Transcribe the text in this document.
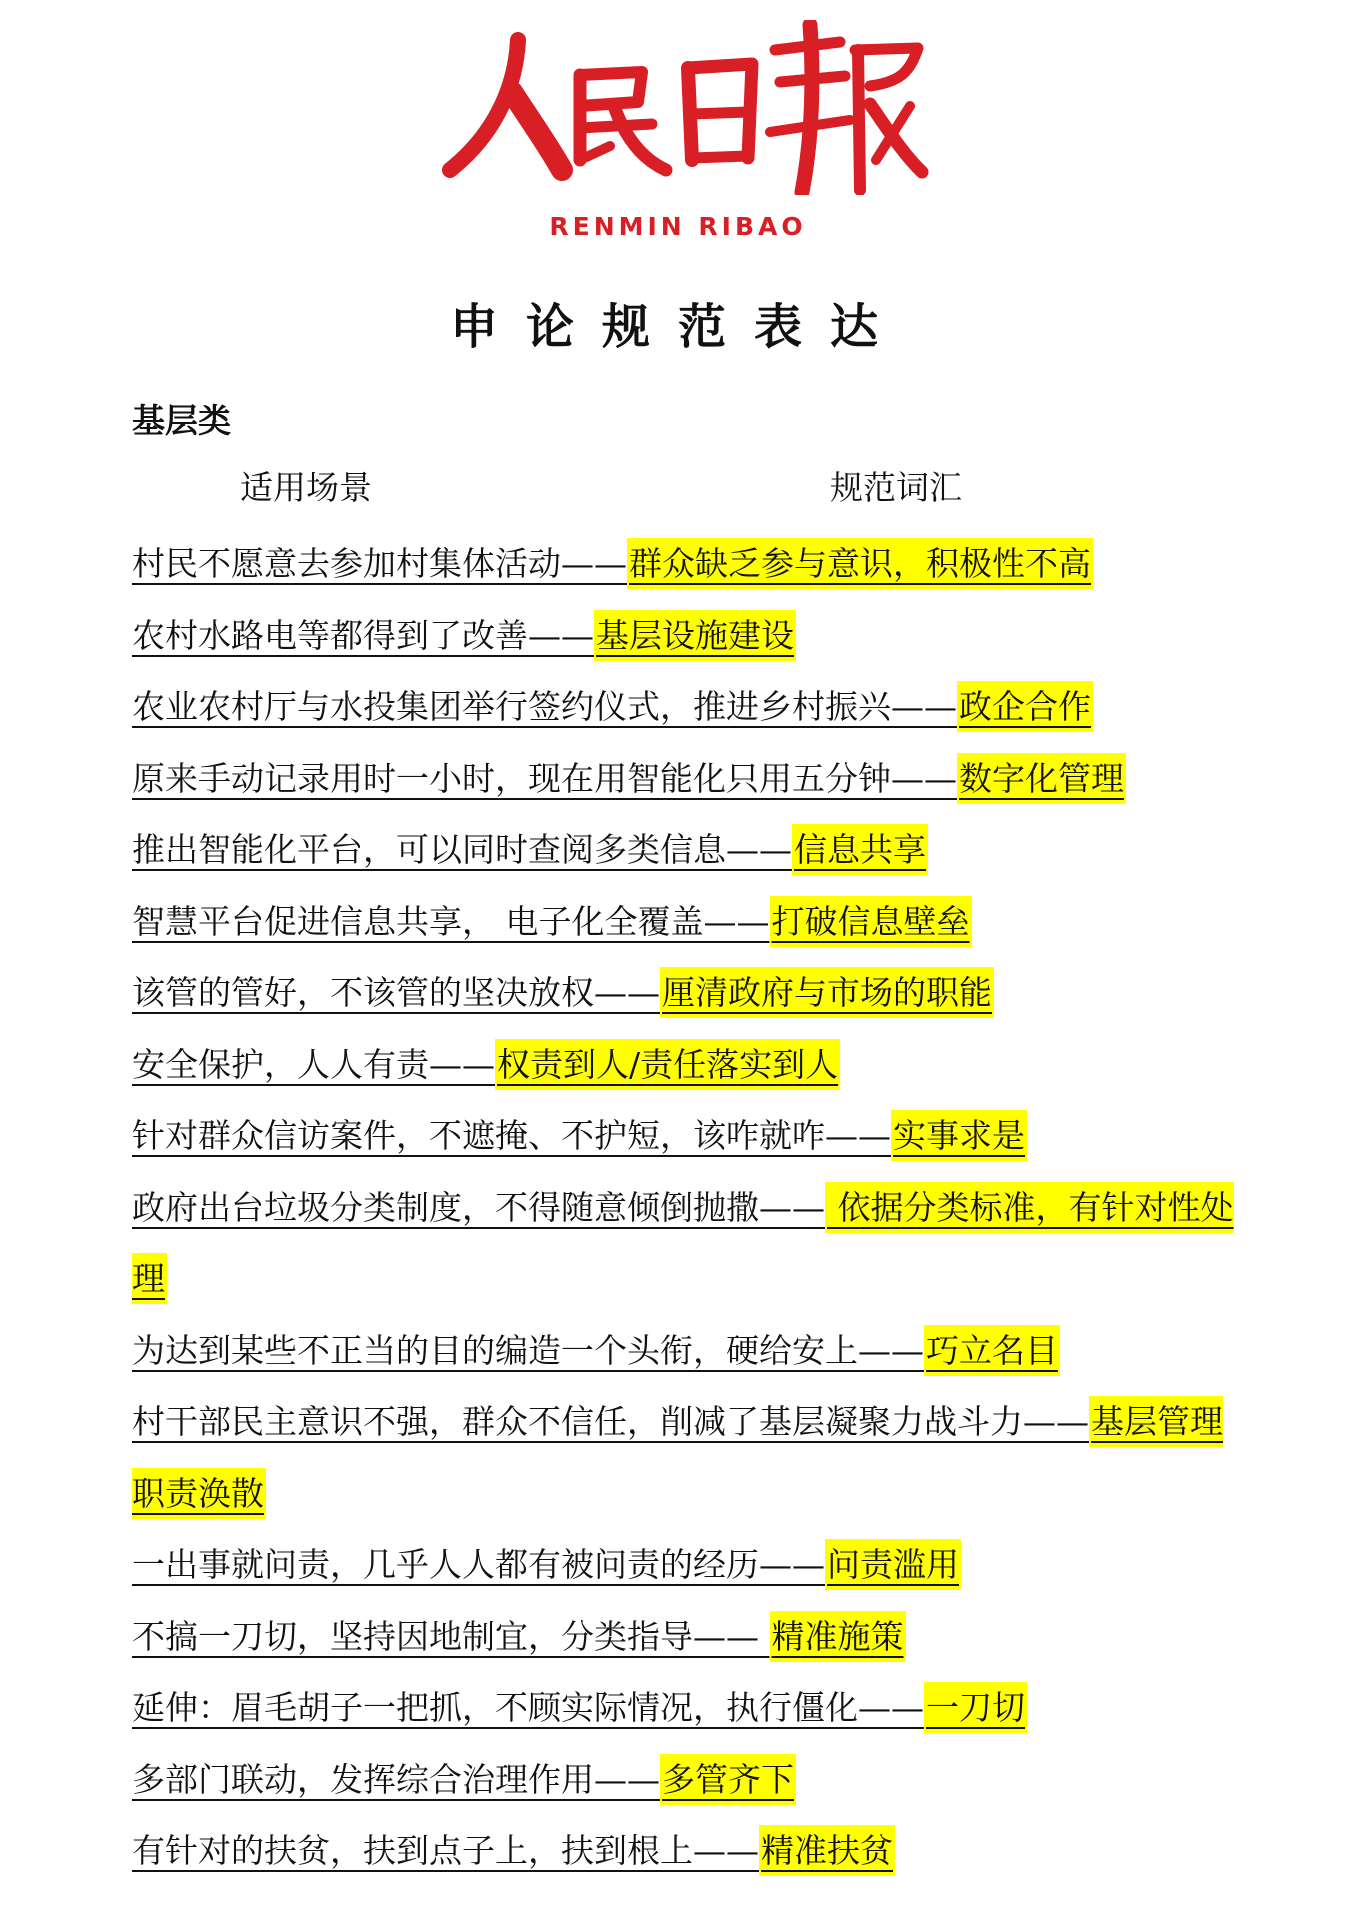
RENMIN RIBAO
申论规范表达
基层类
适用场景	规范词汇
村民不愿意去参加村集体活动——群众缺乏参与意识，积极性不高
农村水路电等都得到了改善——基层设施建设
农业农村厅与水投集团举行签约仪式，推进乡村振兴——政企合作
原来手动记录用时一小时，现在用智能化只用五分钟——数字化管理
推出智能化平台，可以同时查阅多类信息——信息共享
智慧平台促进信息共享， 电子化全覆盖——打破信息壁垒
该管的管好，不该管的坚决放权——厘清政府与市场的职能
安全保护，人人有责——权责到人/责任落实到人
针对群众信访案件，不遮掩、不护短，该咋就咋——实事求是
政府出台垃圾分类制度，不得随意倾倒抛撒—— 依据分类标准，有针对性处理
为达到某些不正当的目的编造一个头衔，硬给安上——巧立名目
村干部民主意识不强，群众不信任，削减了基层凝聚力战斗力——基层管理职责涣散
一出事就问责，几乎人人都有被问责的经历——问责滥用
不搞一刀切，坚持因地制宜，分类指导—— 精准施策
延伸：眉毛胡子一把抓，不顾实际情况，执行僵化——一刀切
多部门联动，发挥综合治理作用——多管齐下
有针对的扶贫，扶到点子上，扶到根上——精准扶贫
